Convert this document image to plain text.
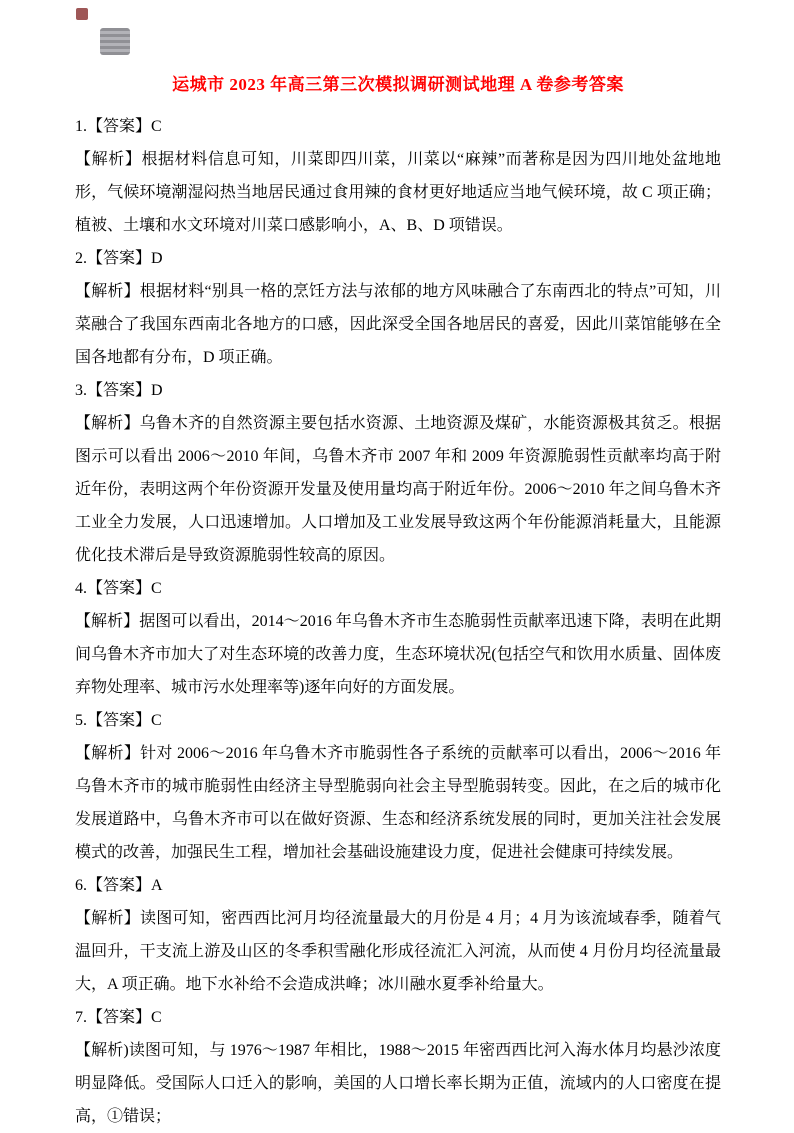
运城市 2023 年高三第三次模拟调研测试地理 A 卷参考答案

1.【答案】C

【解析】根据材料信息可知，川菜即四川菜，川菜以“麻辣”而著称是因为四川地处盆地地形，气候环境潮湿闷热当地居民通过食用辣的食材更好地适应当地气候环境，故 C 项正确；植被、土壤和水文环境对川菜口感影响小，A、B、D 项错误。

2.【答案】D

【解析】根据材料“别具一格的烹饪方法与浓郁的地方风味融合了东南西北的特点”可知，川菜融合了我国东西南北各地方的口感，因此深受全国各地居民的喜爱，因此川菜馆能够在全国各地都有分布，D 项正确。

3.【答案】D

【解析】乌鲁木齐的自然资源主要包括水资源、土地资源及煤矿，水能资源极其贫乏。根据图示可以看出 2006～2010 年间，乌鲁木齐市 2007 年和 2009 年资源脆弱性贡献率均高于附近年份，表明这两个年份资源开发量及使用量均高于附近年份。2006～2010 年之间乌鲁木齐工业全力发展，人口迅速增加。人口增加及工业发展导致这两个年份能源消耗量大，且能源优化技术滞后是导致资源脆弱性较高的原因。

4.【答案】C

【解析】据图可以看出，2014～2016 年乌鲁木齐市生态脆弱性贡献率迅速下降，表明在此期间乌鲁木齐市加大了对生态环境的改善力度，生态环境状况(包括空气和饮用水质量、固体废弃物处理率、城市污水处理率等)逐年向好的方面发展。

5.【答案】C

【解析】针对 2006～2016 年乌鲁木齐市脆弱性各子系统的贡献率可以看出，2006～2016 年乌鲁木齐市的城市脆弱性由经济主导型脆弱向社会主导型脆弱转变。因此，在之后的城市化发展道路中，乌鲁木齐市可以在做好资源、生态和经济系统发展的同时，更加关注社会发展模式的改善，加强民生工程，增加社会基础设施建设力度，促进社会健康可持续发展。

6.【答案】A

【解析】读图可知，密西西比河月均径流量最大的月份是 4 月；4 月为该流域春季，随着气温回升，干支流上游及山区的冬季积雪融化形成径流汇入河流，从而使 4 月份月均径流量最大，A 项正确。地下水补给不会造成洪峰；冰川融水夏季补给量大。

7.【答案】C

【解析)读图可知，与 1976～1987 年相比，1988～2015 年密西西比河入海水体月均悬沙浓度明显降低。受国际人口迁入的影响，美国的人口增长率长期为正值，流域内的人口密度在提高，①错误；
